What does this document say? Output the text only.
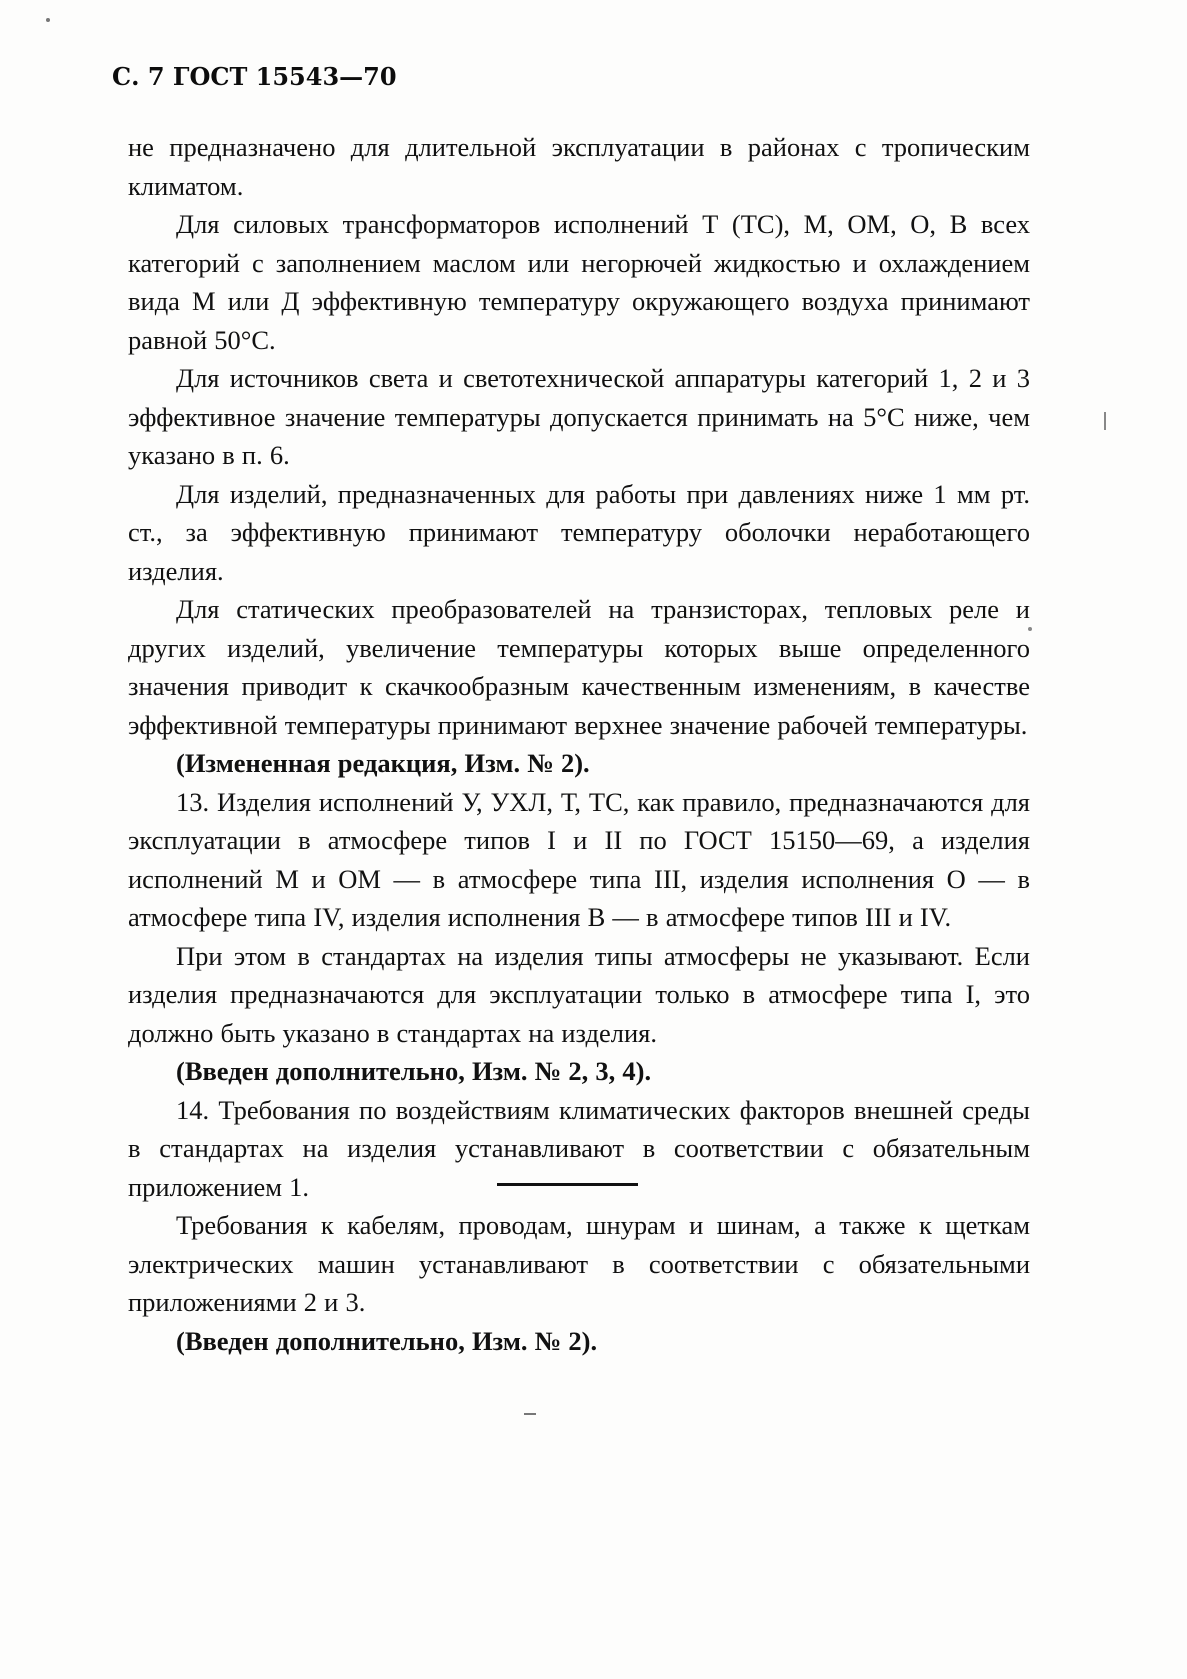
С. 7 ГОСТ 15543—70

не предназначено для длительной эксплуатации в районах с тропическим климатом.

Для силовых трансформаторов исполнений Т (ТС), М, ОМ, О, В всех категорий с заполнением маслом или негорючей жидкостью и охлаждением вида М или Д эффективную температуру окружающего воздуха принимают равной 50°С.

Для источников света и светотехнической аппаратуры категорий 1, 2 и 3 эффективное значение температуры допускается принимать на 5°С ниже, чем указано в п. 6.

Для изделий, предназначенных для работы при давлениях ниже 1 мм рт. ст., за эффективную принимают температуру оболочки неработающего изделия.

Для статических преобразователей на транзисторах, тепловых реле и других изделий, увеличение температуры которых выше определенного значения приводит к скачкообразным качественным изменениям, в качестве эффективной температуры принимают верхнее значение рабочей температуры.

(Измененная редакция, Изм. № 2).

13. Изделия исполнений У, УХЛ, Т, ТС, как правило, предназначаются для эксплуатации в атмосфере типов I и II по ГОСТ 15150—69, а изделия исполнений М и ОМ — в атмосфере типа III, изделия исполнения О — в атмосфере типа IV, изделия исполнения В — в атмосфере типов III и IV.

При этом в стандартах на изделия типы атмосферы не указывают. Если изделия предназначаются для эксплуатации только в атмосфере типа I, это должно быть указано в стандартах на изделия.

(Введен дополнительно, Изм. № 2, 3, 4).

14. Требования по воздействиям климатических факторов внешней среды в стандартах на изделия устанавливают в соответствии с обязательным приложением 1.

Требования к кабелям, проводам, шнурам и шинам, а также к щеткам электрических машин устанавливают в соответствии с обязательными приложениями 2 и 3.

(Введен дополнительно, Изм. № 2).
